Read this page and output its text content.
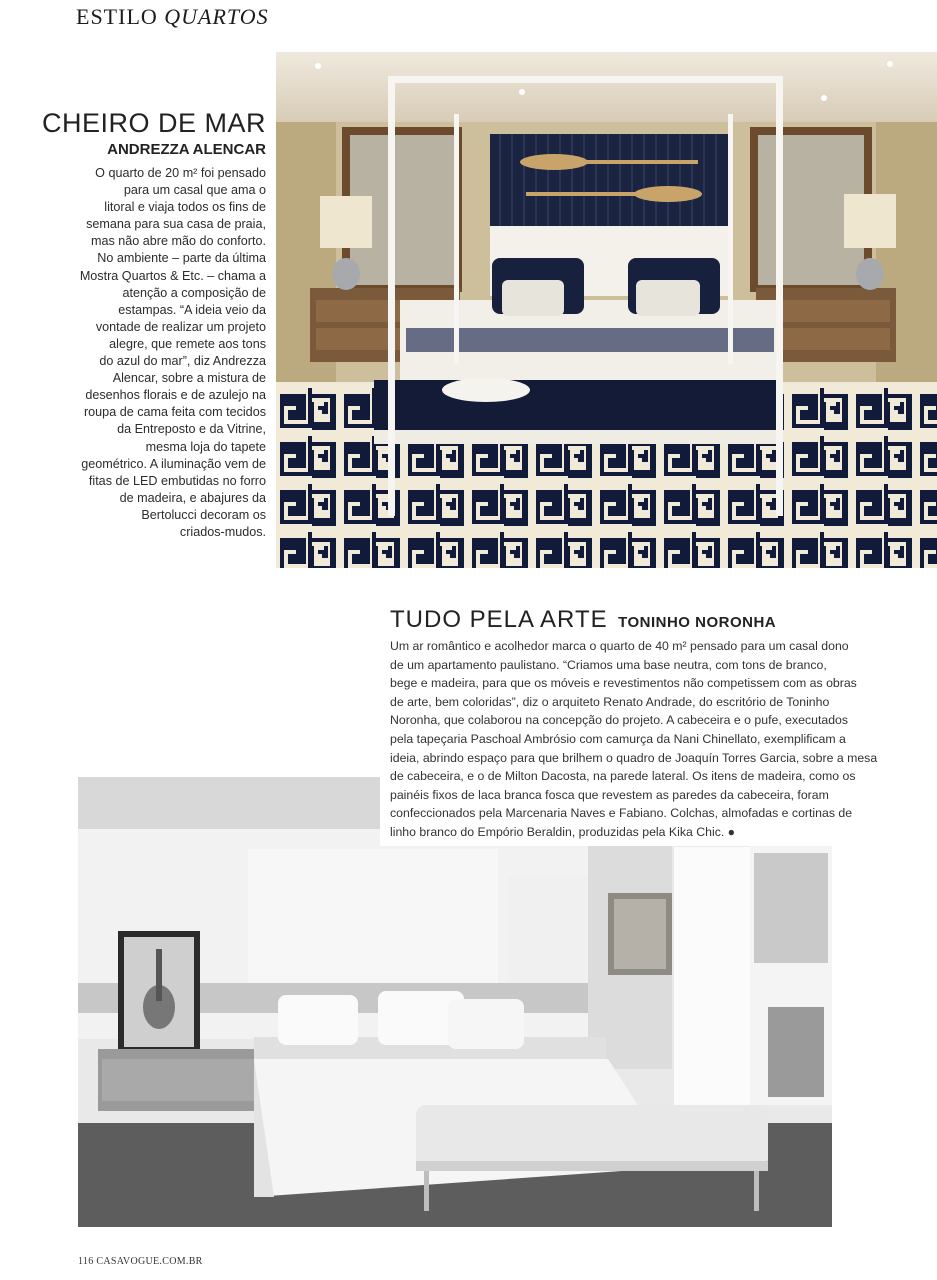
ESTILO QUARTOS
CHEIRO DE MAR
ANDREZZA ALENCAR
O quarto de 20 m² foi pensado
para um casal que ama o
litoral e viaja todos os fins de
semana para sua casa de praia,
mas não abre mão do conforto.
No ambiente – parte da última
Mostra Quartos & Etc. – chama a
atenção a composição de
estampas. “A ideia veio da
vontade de realizar um projeto
alegre, que remete aos tons
do azul do mar”, diz Andrezza
Alencar, sobre a mistura de
desenhos florais e de azulejo na
roupa de cama feita com tecidos
da Entreposto e da Vitrine,
mesma loja do tapete
geométrico. A iluminação vem de
fitas de LED embutidas no forro
de madeira, e abajures da
Bertolucci decoram os
criados-mudos.
TUDO PELA ARTE TONINHO NORONHA
Um ar romântico e acolhedor marca o quarto de 40 m² pensado para um casal dono
de um apartamento paulistano. “Criamos uma base neutra, com tons de branco,
bege e madeira, para que os móveis e revestimentos não competissem com as obras
de arte, bem coloridas”, diz o arquiteto Renato Andrade, do escritório de Toninho
Noronha, que colaborou na concepção do projeto. A cabeceira e o pufe, executados
pela tapeçaria Paschoal Ambrósio com camurça da Nani Chinellato, exemplificam a
ideia, abrindo espaço para que brilhem o quadro de Joaquín Torres Garcia, sobre a mesa
de cabeceira, e o de Milton Dacosta, na parede lateral. Os itens de madeira, como os
painéis fixos de laca branca fosca que revestem as paredes da cabeceira, foram
confeccionados pela Marcenaria Naves e Fabiano. Colchas, almofadas e cortinas de
linho branco do Empório Beraldin, produzidas pela Kika Chic. ●
116 CASAVOGUE.COM.BR
